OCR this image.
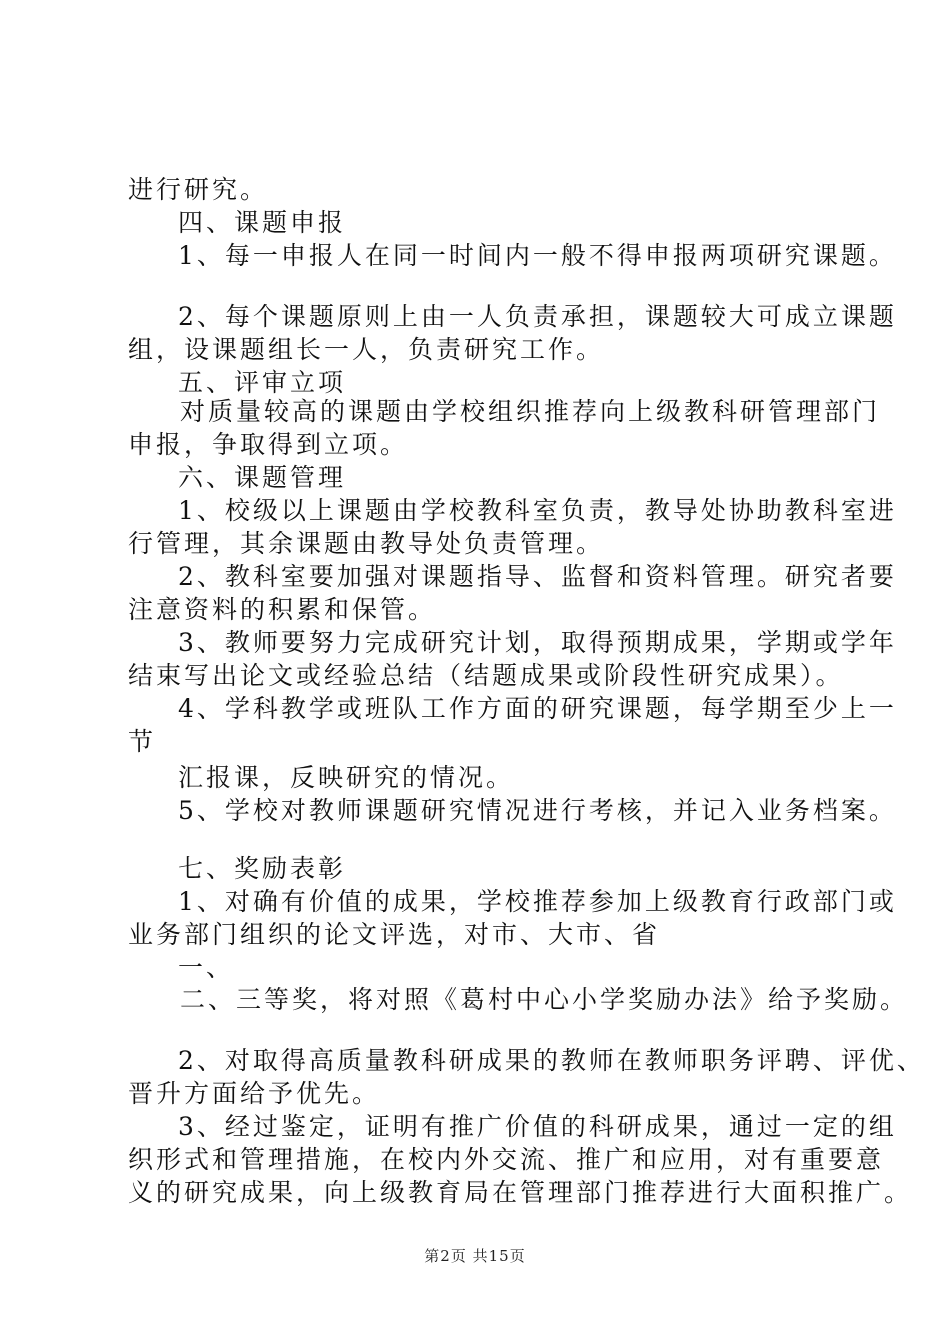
进行研究。
四、课题申报
1、每一申报人在同一时间内一般不得申报两项研究课题。
2、每个课题原则上由一人负责承担，课题较大可成立课题
组，设课题组长一人，负责研究工作。
五、评审立项
对质量较高的课题由学校组织推荐向上级教科研管理部门
申报，争取得到立项。
六、课题管理
1、校级以上课题由学校教科室负责，教导处协助教科室进
行管理，其余课题由教导处负责管理。
2、教科室要加强对课题指导、监督和资料管理。研究者要
注意资料的积累和保管。
3、教师要努力完成研究计划，取得预期成果，学期或学年
结束写出论文或经验总结（结题成果或阶段性研究成果）。
4、学科教学或班队工作方面的研究课题，每学期至少上一
节
汇报课，反映研究的情况。
5、学校对教师课题研究情况进行考核，并记入业务档案。
七、奖励表彰
1、对确有价值的成果，学校推荐参加上级教育行政部门或
业务部门组织的论文评选，对市、大市、省
一、
二、三等奖，将对照《葛村中心小学奖励办法》给予奖励。
2、对取得高质量教科研成果的教师在教师职务评聘、评优、
晋升方面给予优先。
3、经过鉴定，证明有推广价值的科研成果，通过一定的组
织形式和管理措施，在校内外交流、推广和应用，对有重要意
义的研究成果，向上级教育局在管理部门推荐进行大面积推广。
第2页 共15页
